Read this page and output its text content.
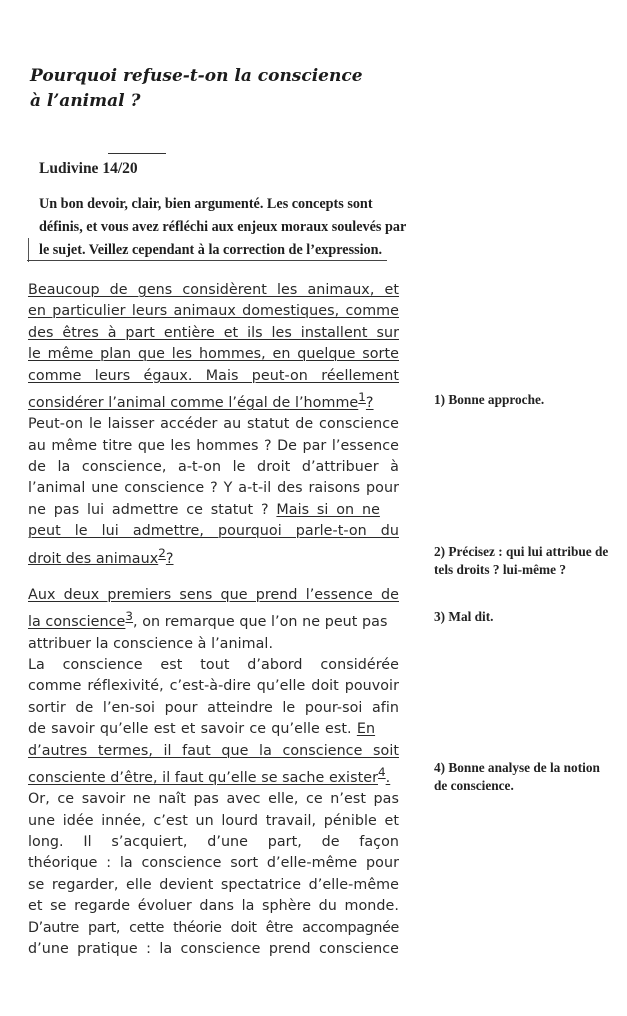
Pourquoi refuse-t-on la conscience
à l’animal ?
Ludivine 14/20
Un bon devoir, clair, bien argumenté. Les concepts sont
définis, et vous avez réfléchi aux enjeux moraux soulevés par
le sujet. Veillez cependant à la correction de l’expression.
Beaucoup de gens considèrent les animaux, et
en particulier leurs animaux domestiques, comme
des êtres à part entière et ils les installent sur
le même plan que les hommes, en quelque sorte
comme leurs égaux. Mais peut-on réellement
considérer l’animal comme l’égal de l’homme$^1$?
Peut-on le laisser accéder au statut de conscience
au même titre que les hommes ? De par l’essence
de la conscience, a-t-on le droit d’attribuer à
l’animal une conscience ? Y a-t-il des raisons pour
ne pas lui admettre ce statut ? Mais si on ne
peut le lui admettre, pourquoi parle-t-on du
droit des animaux$^2$?
Aux deux premiers sens que prend l’essence de
la conscience$^3$, on remarque que l’on ne peut pas
attribuer la conscience à l’animal.
La conscience est tout d’abord considérée
comme réflexivité, c’est-à-dire qu’elle doit pouvoir
sortir de l’en-soi pour atteindre le pour-soi afin
de savoir qu’elle est et savoir ce qu’elle est. En
d’autres termes, il faut que la conscience soit
consciente d’être, il faut qu’elle se sache exister$^4$.
Or, ce savoir ne naît pas avec elle, ce n’est pas
une idée innée, c’est un lourd travail, pénible et
long. Il s’acquiert, d’une part, de façon
théorique : la conscience sort d’elle-même pour
se regarder, elle devient spectatrice d’elle-même
et se regarde évoluer dans la sphère du monde.
D’autre part, cette théorie doit être accompagnée
d’une pratique : la conscience prend conscience
1) Bonne approche.
2) Précisez : qui lui attribue de tels droits ? lui-même ?
3) Mal dit.
4) Bonne analyse de la notion de conscience.
